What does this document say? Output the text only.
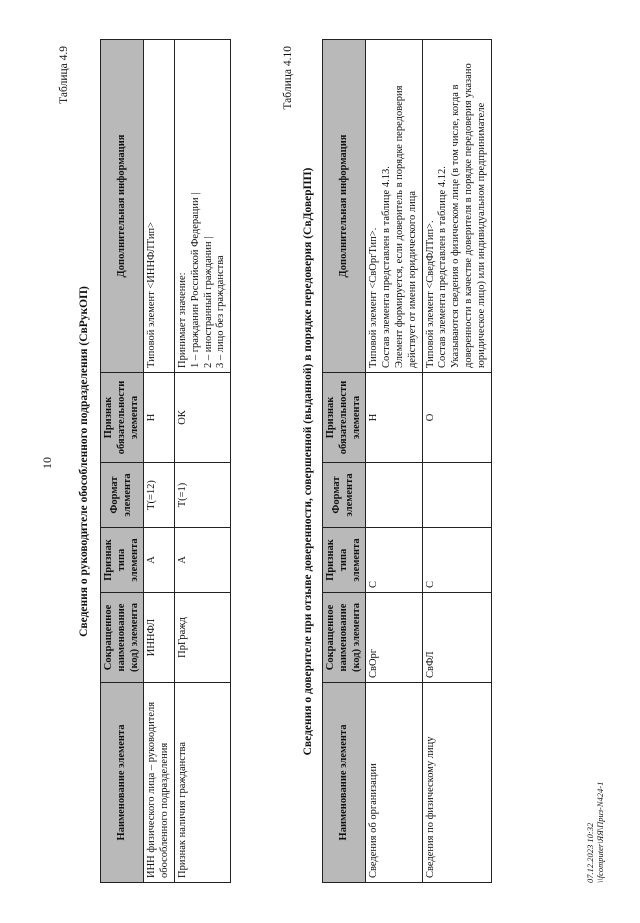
10
Таблица 4.9
Сведения о руководителе обособленного подразделения (СвРукОП)
Наименование элемента	Сокращенное наименование (код) элемента	Признак типа элемента	Формат элемента	Признак обязательности элемента	Дополнительная информация
ИНН физического лица – руководителя обособленного подразделения	ИННФЛ	А	T(=12)	Н	Типовой элемент <ИННФЛТип>

Признак наличия гражданства	ПрГражд	А	T(=1)	ОК	Принимает значение: 1 – гражданин Российской Федерации | 2 – иностранный гражданин | 3 – лицо без гражданства
Таблица 4.10
Сведения о доверителе при отзыве доверенности, совершенной (выданной) в порядке передоверия (СвДоверПП)
Наименование элемента	Сокращенное наименование (код) элемента	Признак типа элемента	Формат элемента	Признак обязательности элемента	Дополнительная информация
Сведения об организации	СвОрг	С		Н	Типовой элемент <СвОргТип>. Состав элемента представлен в таблице 4.13. Элемент формируется, если доверитель в порядке передоверия действует от имени юридического лица

Сведения по физическому лицу	СвФЛ	С		О	Типовой элемент <СведФЛТип>. Состав элемента представлен в таблице 4.12. Указываются сведения о физическом лице (в том числе, когда в доверенности в качестве доверителя в порядке передоверия указано юридическое лицо) или индивидуальном предпринимателе
07.12.2023 10:32 \\fcomputer\ЯЯ\Приз-N424-1
